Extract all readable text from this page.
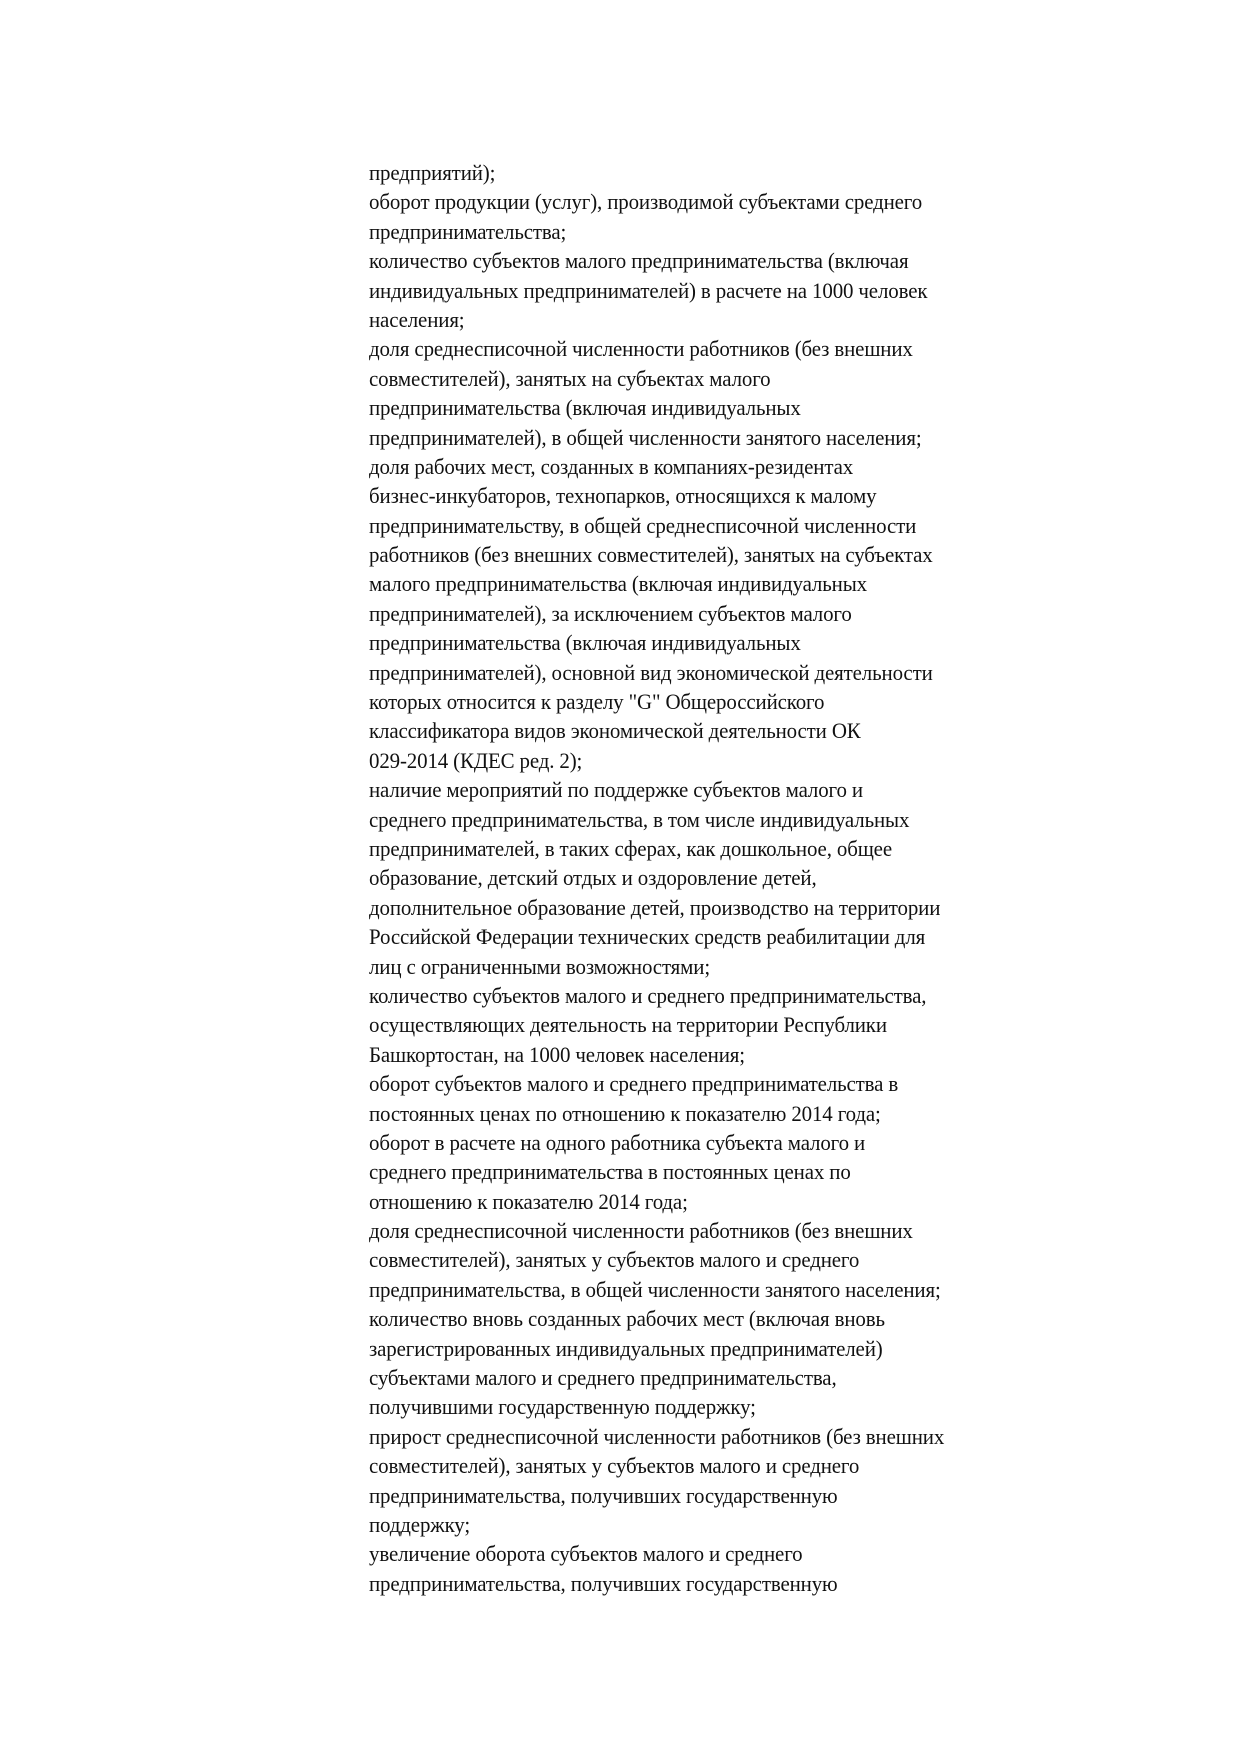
предприятий);
оборот продукции (услуг), производимой субъектами среднего
предпринимательства;
количество субъектов малого предпринимательства (включая
индивидуальных предпринимателей) в расчете на 1000 человек
населения;
доля среднесписочной численности работников (без внешних
совместителей), занятых на субъектах малого
предпринимательства (включая индивидуальных
предпринимателей), в общей численности занятого населения;
доля рабочих мест, созданных в компаниях-резидентах
бизнес-инкубаторов, технопарков, относящихся к малому
предпринимательству, в общей среднесписочной численности
работников (без внешних совместителей), занятых на субъектах
малого предпринимательства (включая индивидуальных
предпринимателей), за исключением субъектов малого
предпринимательства (включая индивидуальных
предпринимателей), основной вид экономической деятельности
которых относится к разделу "G" Общероссийского
классификатора видов экономической деятельности ОК
029-2014 (КДЕС ред. 2);
наличие мероприятий по поддержке субъектов малого и
среднего предпринимательства, в том числе индивидуальных
предпринимателей, в таких сферах, как дошкольное, общее
образование, детский отдых и оздоровление детей,
дополнительное образование детей, производство на территории
Российской Федерации технических средств реабилитации для
лиц с ограниченными возможностями;
количество субъектов малого и среднего предпринимательства,
осуществляющих деятельность на территории Республики
Башкортостан, на 1000 человек населения;
оборот субъектов малого и среднего предпринимательства в
постоянных ценах по отношению к показателю 2014 года;
оборот в расчете на одного работника субъекта малого и
среднего предпринимательства в постоянных ценах по
отношению к показателю 2014 года;
доля среднесписочной численности работников (без внешних
совместителей), занятых у субъектов малого и среднего
предпринимательства, в общей численности занятого населения;
количество вновь созданных рабочих мест (включая вновь
зарегистрированных индивидуальных предпринимателей)
субъектами малого и среднего предпринимательства,
получившими государственную поддержку;
прирост среднесписочной численности работников (без внешних
совместителей), занятых у субъектов малого и среднего
предпринимательства, получивших государственную
поддержку;
увеличение оборота субъектов малого и среднего
предпринимательства, получивших государственную
